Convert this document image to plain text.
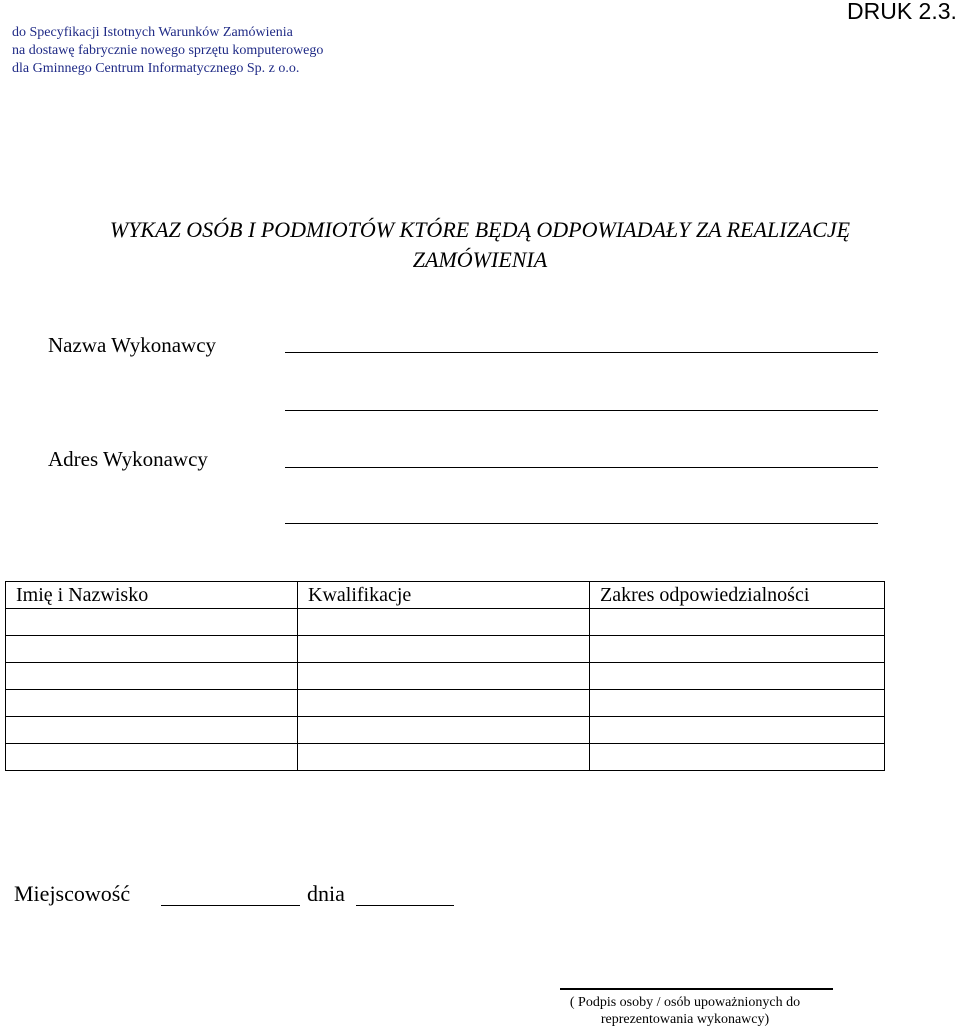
do Specyfikacji Istotnych Warunków Zamówienia
na dostawę fabrycznie nowego sprzętu komputerowego
dla Gminnego Centrum Informatycznego Sp. z o.o.
DRUK 2.3.
WYKAZ OSÓB I PODMIOTÓW KTÓRE BĘDĄ ODPOWIADAŁY ZA REALIZACJĘ
ZAMÓWIENIA
Nazwa Wykonawcy
Adres Wykonawcy
Imię i Nazwisko	Kwalifikacje	Zakres odpowiedzialności

Miejscowość	dnia
( Podpis osoby / osób upoważnionych do
reprezentowania wykonawcy)
